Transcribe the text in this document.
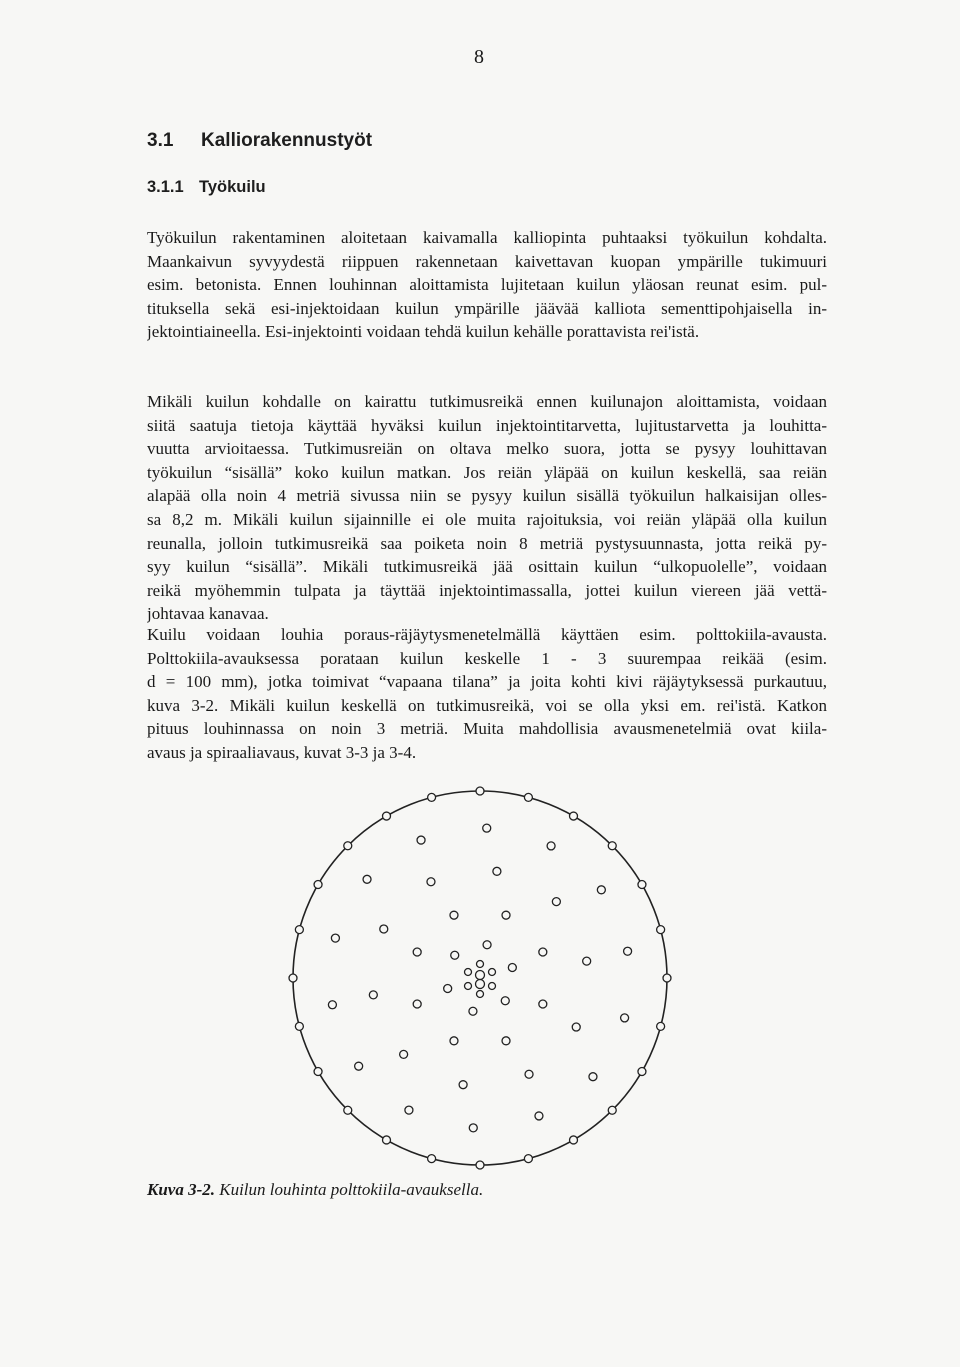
8
3.1 Kalliorakennustyöt
3.1.1 Työkuilu
Työkuilun rakentaminen aloitetaan kaivamalla kalliopinta puhtaaksi työkuilun kohdalta.
Maankaivun syvyydestä riippuen rakennetaan kaivettavan kuopan ympärille tukimuuri
esim. betonista. Ennen louhinnan aloittamista lujitetaan kuilun yläosan reunat esim. pul-
tituksella sekä esi-injektoidaan kuilun ympärille jäävää kalliota sementtipohjaisella in-
jektointiaineella. Esi-injektointi voidaan tehdä kuilun kehälle porattavista rei'istä.
Mikäli kuilun kohdalle on kairattu tutkimusreikä ennen kuilunajon aloittamista, voidaan
siitä saatuja tietoja käyttää hyväksi kuilun injektointitarvetta, lujitustarvetta ja louhitta-
vuutta arvioitaessa. Tutkimusreiän on oltava melko suora, jotta se pysyy louhittavan
työkuilun “sisällä” koko kuilun matkan. Jos reiän yläpää on kuilun keskellä, saa reiän
alapää olla noin 4 metriä sivussa niin se pysyy kuilun sisällä työkuilun halkaisijan olles-
sa 8,2 m. Mikäli kuilun sijainnille ei ole muita rajoituksia, voi reiän yläpää olla kuilun
reunalla, jolloin tutkimusreikä saa poiketa noin 8 metriä pystysuunnasta, jotta reikä py-
syy kuilun “sisällä”. Mikäli tutkimusreikä jää osittain kuilun “ulkopuolelle”, voidaan
reikä myöhemmin tulpata ja täyttää injektointimassalla, jottei kuilun viereen jää vettä-
johtavaa kanavaa.
Kuilu voidaan louhia poraus-räjäytysmenetelmällä käyttäen esim. polttokiila-avausta.
Polttokiila-avauksessa porataan kuilun keskelle 1 - 3 suurempaa reikää (esim.
d = 100 mm), jotka toimivat “vapaana tilana” ja joita kohti kivi räjäytyksessä purkautuu,
kuva 3-2. Mikäli kuilun keskellä on tutkimusreikä, voi se olla yksi em. rei'istä. Katkon
pituus louhinnassa on noin 3 metriä. Muita mahdollisia avausmenetelmiä ovat kiila-
avaus ja spiraaliavaus, kuvat 3-3 ja 3-4.
Kuva 3-2. Kuilun louhinta polttokiila-avauksella.
